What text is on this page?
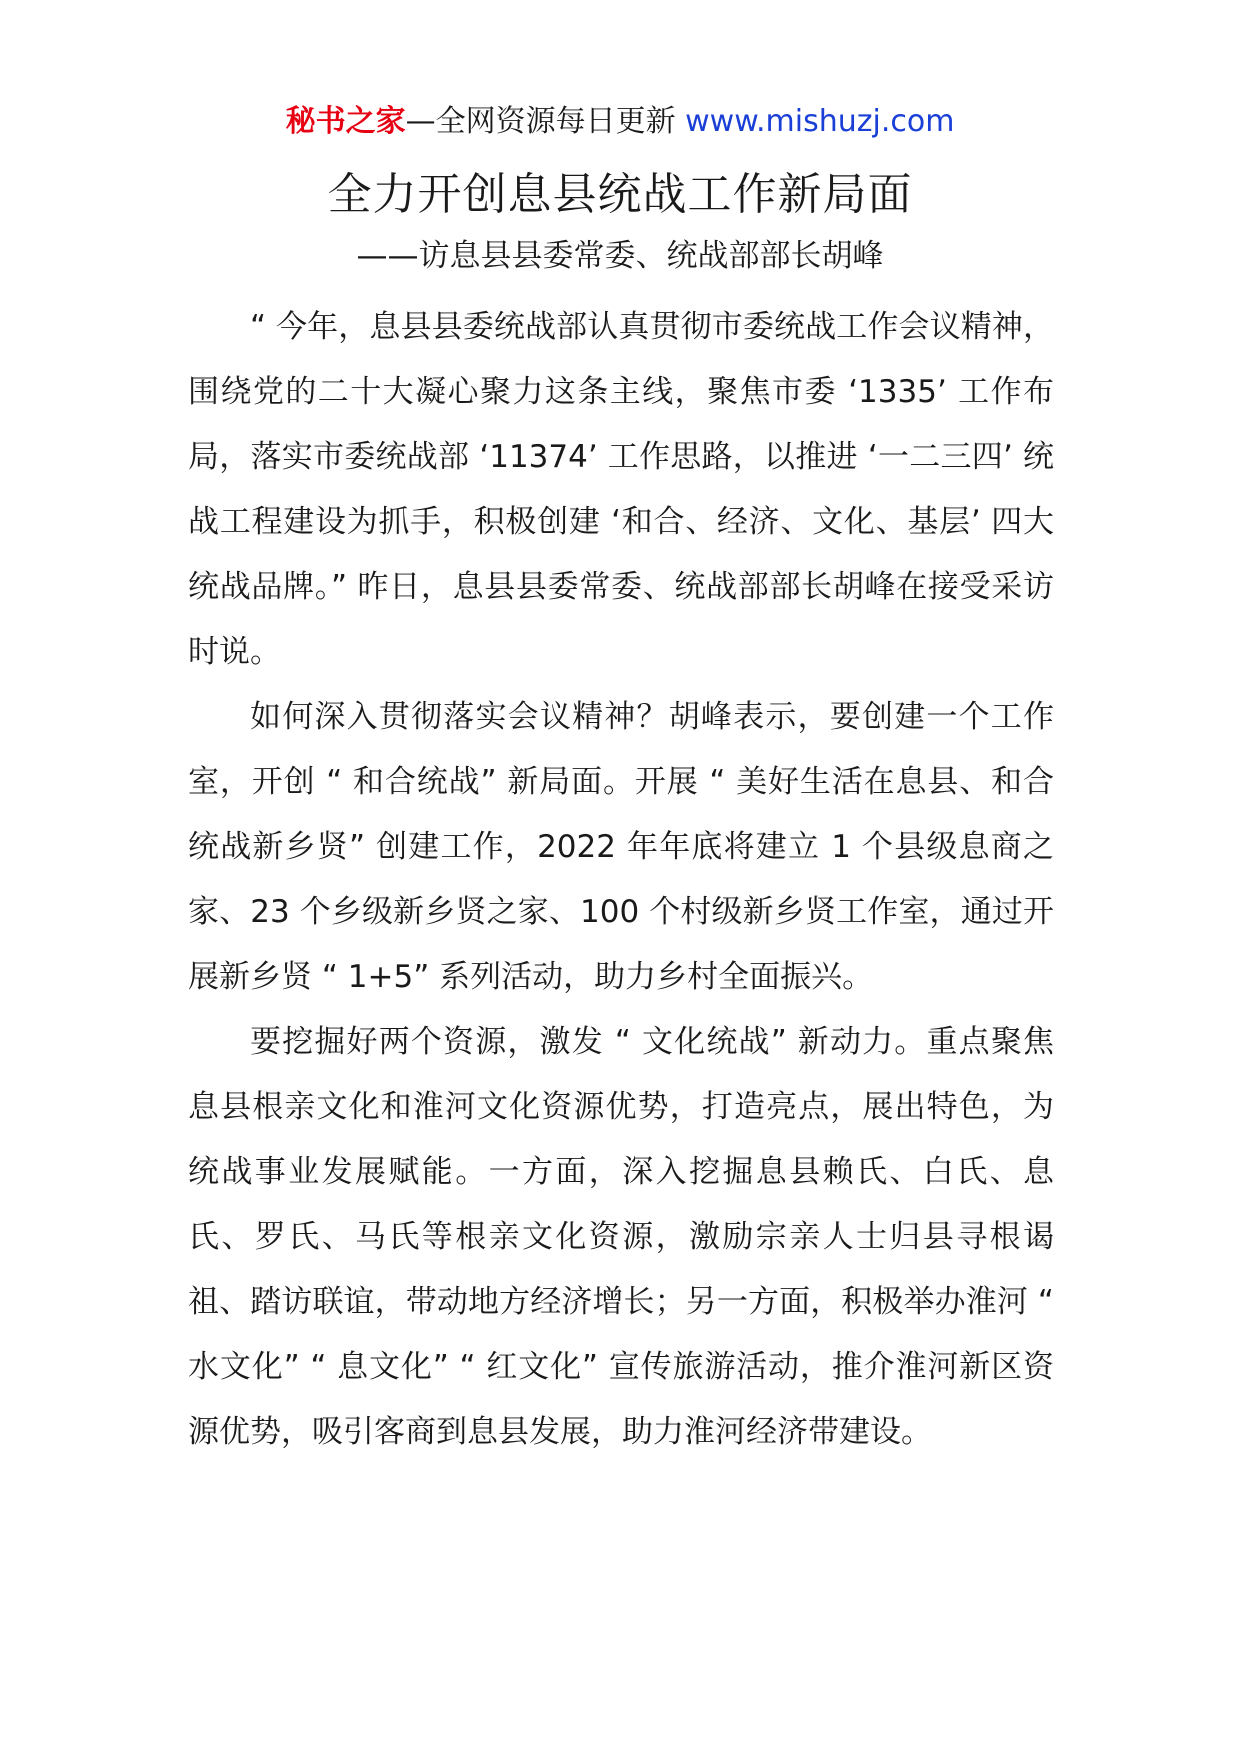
秘书之家—全网资源每日更新 www.mishuzj.com
全力开创息县统战工作新局面
——访息县县委常委、统战部部长胡峰

“ 今年，息县县委统战部认真贯彻市委统战工作会议精神，围绕党的二十大凝心聚力这条主线，聚焦市委 ‘1335’ 工作布局，落实市委统战部 ‘11374’ 工作思路，以推进 ‘一二三四’ 统战工程建设为抓手，积极创建 ‘和合、经济、文化、基层’ 四大统战品牌。” 昨日，息县县委常委、统战部部长胡峰在接受采访时说。

如何深入贯彻落实会议精神？胡峰表示，要创建一个工作室，开创 “ 和合统战” 新局面。开展 “ 美好生活在息县、和合统战新乡贤” 创建工作，2022 年年底将建立 1 个县级息商之家、23 个乡级新乡贤之家、100 个村级新乡贤工作室，通过开展新乡贤 “ 1+5” 系列活动，助力乡村全面振兴。

要挖掘好两个资源，激发 “ 文化统战” 新动力。重点聚焦息县根亲文化和淮河文化资源优势，打造亮点，展出特色，为统战事业发展赋能。一方面，深入挖掘息县赖氏、白氏、息氏、罗氏、马氏等根亲文化资源，激励宗亲人士归县寻根谒祖、踏访联谊，带动地方经济增长；另一方面，积极举办淮河 “ 水文化” “ 息文化” “ 红文化” 宣传旅游活动，推介淮河新区资源优势，吸引客商到息县发展，助力淮河经济带建设。
